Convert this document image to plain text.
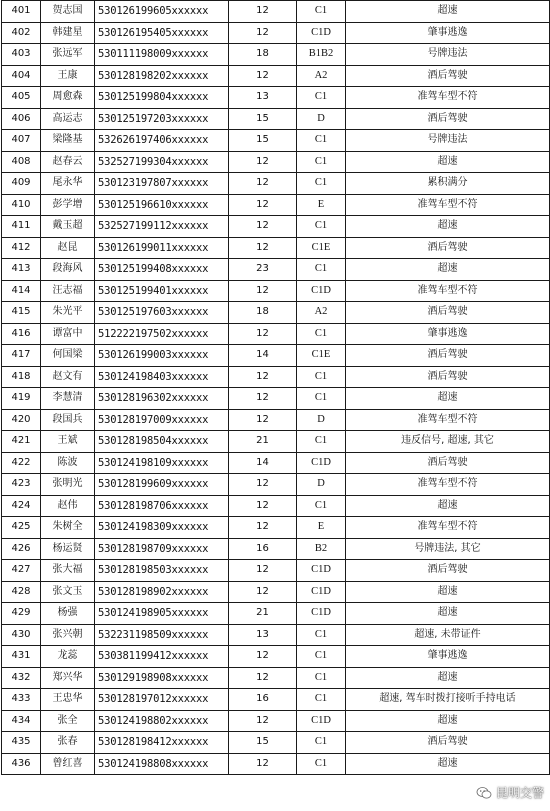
401	贺志国	530126199605xxxxxx	12	C1	超速
402	韩建星	530126195405xxxxxx	12	C1D	肇事逃逸
403	张远军	530111198009xxxxxx	18	B1B2	号牌违法
404	王康	530128198202xxxxxx	12	A2	酒后驾驶
405	周愈森	530125199804xxxxxx	13	C1	准驾车型不符
406	高运志	530125197203xxxxxx	15	D	酒后驾驶
407	梁隆基	532626197406xxxxxx	15	C1	号牌违法
408	赵春云	532527199304xxxxxx	12	C1	超速
409	尾永华	530123197807xxxxxx	12	C1	累积满分
410	彭学增	530125196610xxxxxx	12	E	准驾车型不符
411	戴玉超	532527199112xxxxxx	12	C1	超速
412	赵昆	530126199011xxxxxx	12	C1E	酒后驾驶
413	段海风	530125199408xxxxxx	23	C1	超速
414	汪志福	530125199401xxxxxx	12	C1D	准驾车型不符
415	朱光平	530125197603xxxxxx	18	A2	酒后驾驶
416	谭富中	512222197502xxxxxx	12	C1	肇事逃逸
417	何国梁	530126199003xxxxxx	14	C1E	酒后驾驶
418	赵文有	530124198403xxxxxx	12	C1	酒后驾驶
419	李慧清	530128196302xxxxxx	12	C1	超速
420	段国兵	530128197009xxxxxx	12	D	准驾车型不符
421	王斌	530128198504xxxxxx	21	C1	违反信号, 超速, 其它
422	陈波	530124198109xxxxxx	14	C1D	酒后驾驶
423	张明光	530128199609xxxxxx	12	D	准驾车型不符
424	赵伟	530128198706xxxxxx	12	C1	超速
425	朱树全	530124198309xxxxxx	12	E	准驾车型不符
426	杨运贤	530128198709xxxxxx	16	B2	号牌违法, 其它
427	张大福	530128198503xxxxxx	12	C1D	酒后驾驶
428	张文玉	530128198902xxxxxx	12	C1D	超速
429	杨强	530124198905xxxxxx	21	C1D	超速
430	张兴朝	532231198509xxxxxx	13	C1	超速, 未带证件
431	龙蕊	530381199412xxxxxx	12	C1	肇事逃逸
432	郑兴华	530129198908xxxxxx	12	C1	超速
433	王忠华	530128197012xxxxxx	16	C1	超速, 驾车时拨打接听手持电话
434	张全	530124198802xxxxxx	12	C1D	超速
435	张春	530128198412xxxxxx	15	C1	酒后驾驶
436	曾红喜	530124198808xxxxxx	12	C1	超速
昆明交警
